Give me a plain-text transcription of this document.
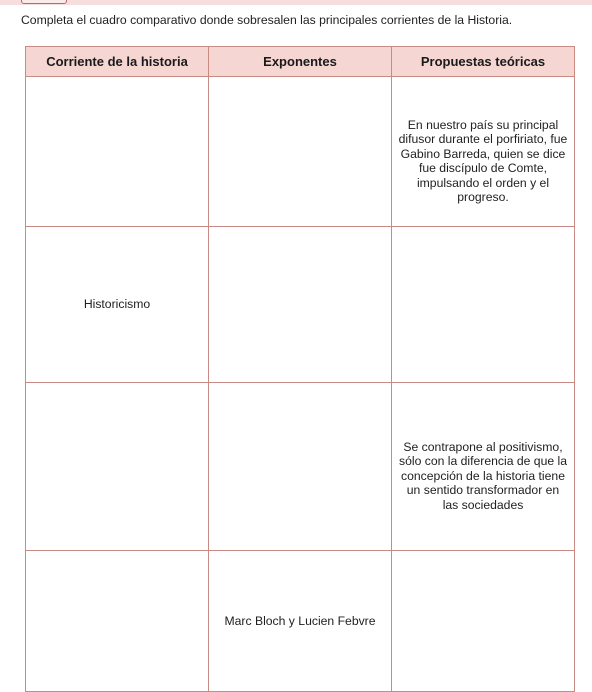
Completa el cuadro comparativo donde sobresalen las principales corrientes de la Historia.
Corriente de la historia	Exponentes	Propuestas teóricas

		En nuestro país su principal difusor durante el porfiriato, fue Gabino Barreda, quien se dice fue discípulo de Comte, impulsando el orden y el progreso.

Historicismo		

		Se contrapone al positivismo, sólo con la diferencia de que la concepción de la historia tiene un sentido transformador en las sociedades

	Marc Bloch y Lucien Febvre	
